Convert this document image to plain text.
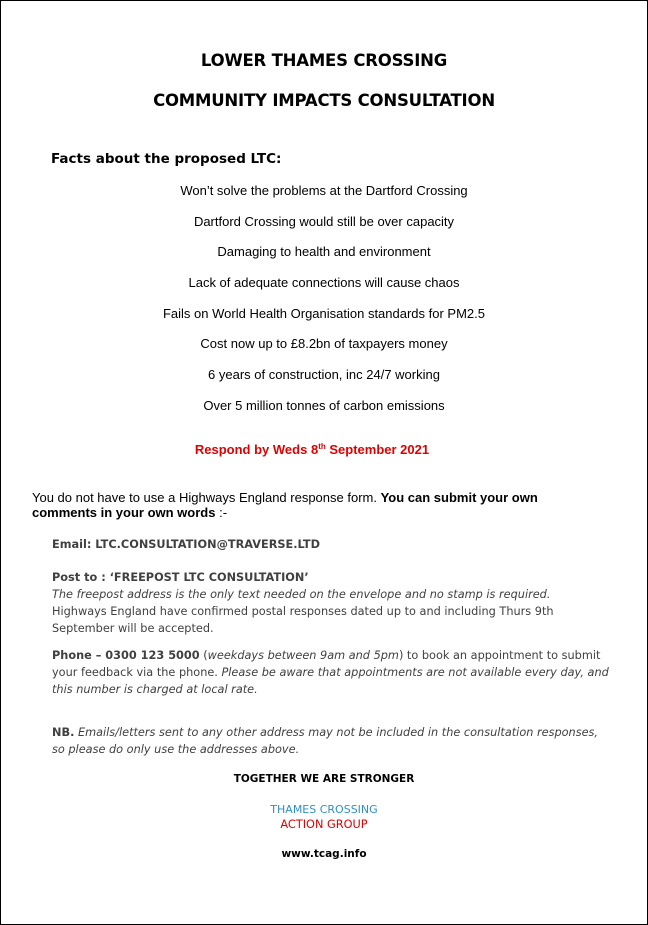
LOWER THAMES CROSSING
COMMUNITY IMPACTS CONSULTATION
Facts about the proposed LTC:
Won’t solve the problems at the Dartford Crossing
Dartford Crossing would still be over capacity
Damaging to health and environment
Lack of adequate connections will cause chaos
Fails on World Health Organisation standards for PM2.5
Cost now up to £8.2bn of taxpayers money
6 years of construction, inc 24/7 working
Over 5 million tonnes of carbon emissions
Respond by Weds 8th September 2021
You do not have to use a Highways England response form. You can submit your own comments in your own words :-
Email: LTC.CONSULTATION@TRAVERSE.LTD
Post to : ‘FREEPOST LTC CONSULTATION’
The freepost address is the only text needed on the envelope and no stamp is required.
Highways England have confirmed postal responses dated up to and including Thurs 9th September will be accepted.
Phone – 0300 123 5000 (weekdays between 9am and 5pm) to book an appointment to submit your feedback via the phone. Please be aware that appointments are not available every day, and this number is charged at local rate.
NB. Emails/letters sent to any other address may not be included in the consultation responses, so please do only use the addresses above.
TOGETHER WE ARE STRONGER
THAMES CROSSING
ACTION GROUP
www.tcag.info
